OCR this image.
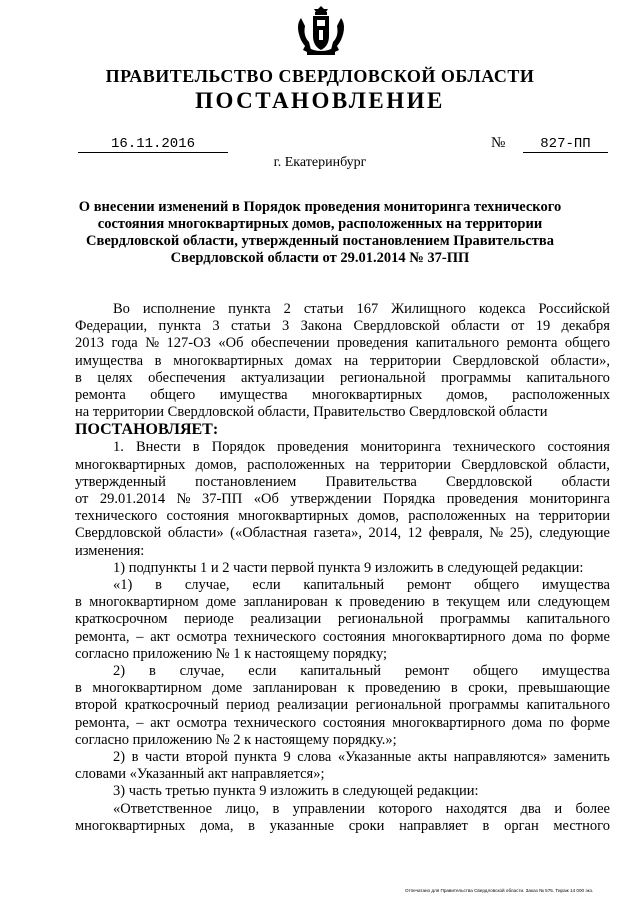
ПРАВИТЕЛЬСТВО СВЕРДЛОВСКОЙ ОБЛАСТИ
ПОСТАНОВЛЕНИЕ
16.11.2016	№	827-ПП
г. Екатеринбург
О внесении изменений в Порядок проведения мониторинга технического
состояния многоквартирных домов, расположенных на территории
Свердловской области, утвержденный постановлением Правительства
Свердловской области от 29.01.2014 № 37-ПП
Во исполнение пункта 2 статьи 167 Жилищного кодекса Российской
Федерации, пункта 3 статьи 3 Закона Свердловской области от 19 декабря
2013 года № 127-ОЗ «Об обеспечении проведения капитального ремонта общего
имущества в многоквартирных домах на территории Свердловской области»,
в целях обеспечения актуализации региональной программы капитального
ремонта общего имущества многоквартирных домов, расположенных
на территории Свердловской области, Правительство Свердловской области
ПОСТАНОВЛЯЕТ:
1. Внести в Порядок проведения мониторинга технического состояния
многоквартирных домов, расположенных на территории Свердловской области,
утвержденный постановлением Правительства Свердловской области
от 29.01.2014 № 37-ПП «Об утверждении Порядка проведения мониторинга
технического состояния многоквартирных домов, расположенных на территории
Свердловской области» («Областная газета», 2014, 12 февраля, № 25), следующие
изменения:
1) подпункты 1 и 2 части первой пункта 9 изложить в следующей редакции:
«1) в случае, если капитальный ремонт общего имущества
в многоквартирном доме запланирован к проведению в текущем или следующем
краткосрочном периоде реализации региональной программы капитального
ремонта, – акт осмотра технического состояния многоквартирного дома по форме
согласно приложению № 1 к настоящему порядку;
2) в случае, если капитальный ремонт общего имущества
в многоквартирном доме запланирован к проведению в сроки, превышающие
второй краткосрочный период реализации региональной программы капитального
ремонта, – акт осмотра технического состояния многоквартирного дома по форме
согласно приложению № 2 к настоящему порядку.»;
2) в части второй пункта 9 слова «Указанные акты направляются» заменить
словами «Указанный акт направляется»;
3) часть третью пункта 9 изложить в следующей редакции:
«Ответственное лицо, в управлении которого находятся два и более
многоквартирных дома, в указанные сроки направляет в орган местного
Отпечатано для Правительства Свердловской области. Заказ № 575. Тираж 14 000 экз.
